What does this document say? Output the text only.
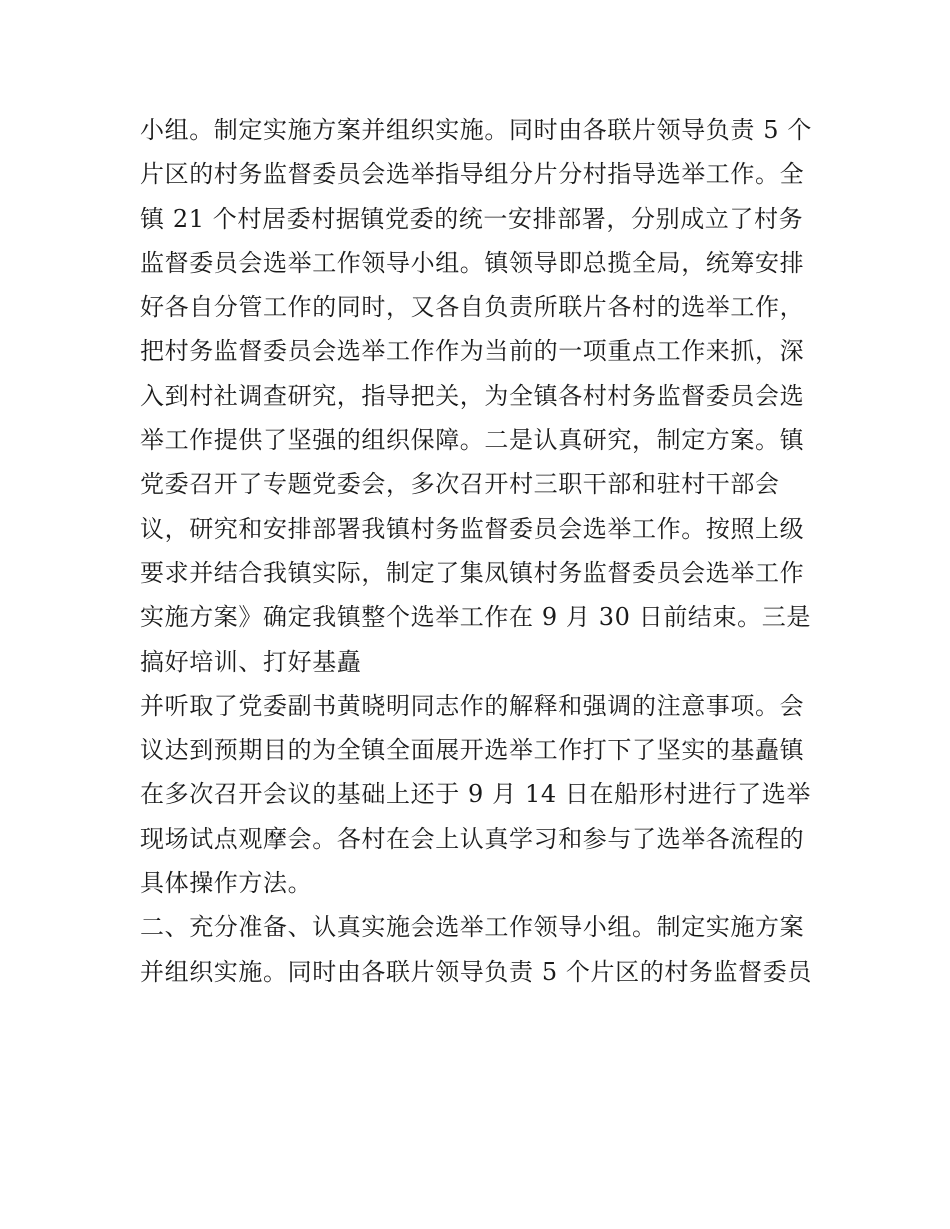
小组。制定实施方案并组织实施。同时由各联片领导负责 5 个
片区的村务监督委员会选举指导组分片分村指导选举工作。全
镇 21 个村居委村据镇党委的统一安排部署，分别成立了村务
监督委员会选举工作领导小组。镇领导即总揽全局，统筹安排
好各自分管工作的同时，又各自负责所联片各村的选举工作，
把村务监督委员会选举工作作为当前的一项重点工作来抓，深
入到村社调查研究，指导把关，为全镇各村村务监督委员会选
举工作提供了坚强的组织保障。二是认真研究，制定方案。镇
党委召开了专题党委会，多次召开村三职干部和驻村干部会
议，研究和安排部署我镇村务监督委员会选举工作。按照上级
要求并结合我镇实际，制定了集凤镇村务监督委员会选举工作
实施方案》确定我镇整个选举工作在 9 月 30 日前结束。三是
搞好培训、打好基矗
并听取了党委副书黄晓明同志作的解释和强调的注意事项。会
议达到预期目的为全镇全面展开选举工作打下了坚实的基矗镇
在多次召开会议的基础上还于 9 月 14 日在船形村进行了选举
现场试点观摩会。各村在会上认真学习和参与了选举各流程的
具体操作方法。
二、充分准备、认真实施会选举工作领导小组。制定实施方案
并组织实施。同时由各联片领导负责 5 个片区的村务监督委员
